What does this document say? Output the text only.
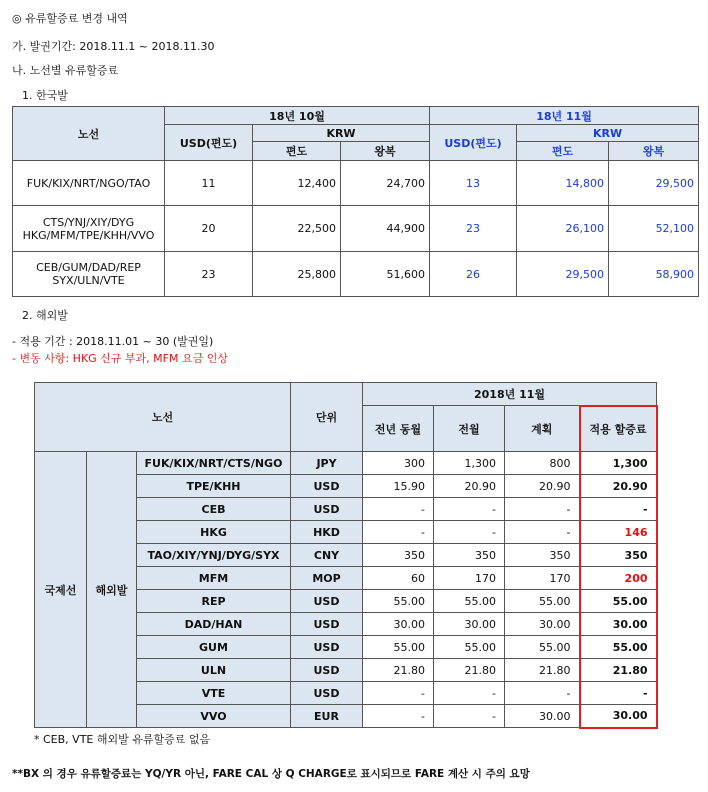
◎ 유류할증료 변경 내역
가. 발권기간: 2018.11.1 ~ 2018.11.30
나. 노선별 유류할증료
1. 한국발
노선	18년 10월			18년 11월		
	USD(편도)	KRW		USD(편도)	KRW	
		편도	왕복		편도	왕복

FUK/KIX/NRT/NGO/TAO	11	12,400	24,700	13	14,800	29,500

CTS/YNJ/XIY/DYG
HKG/MFM/TPE/KHH/VVO	20	22,500	44,900	23	26,100	52,100

CEB/GUM/DAD/REP
SYX/ULN/VTE	23	25,800	51,600	26	29,500	58,900
2. 해외발
- 적용 기간 : 2018.11.01 ~ 30 (발권일)
- 변동 사항: HKG 신규 부과, MFM 요금 인상
노선			단위	2018년 11월			
				전년 동월	전월	계획	적용 할증료
국제선	해외발	FUK/KIX/NRT/CTS/NGO	JPY	300	1,300	800	1,300
		TPE/KHH	USD	15.90	20.90	20.90	20.90
		CEB	USD	-	-	-	-
		HKG	HKD	-	-	-	146
		TAO/XIY/YNJ/DYG/SYX	CNY	350	350	350	350
		MFM	MOP	60	170	170	200
		REP	USD	55.00	55.00	55.00	55.00
		DAD/HAN	USD	30.00	30.00	30.00	30.00
		GUM	USD	55.00	55.00	55.00	55.00
		ULN	USD	21.80	21.80	21.80	21.80
		VTE	USD	-	-	-	-
		VVO	EUR	-	-	30.00	30.00
* CEB, VTE 해외발 유류할증료 없음
**BX 의 경우 유류할증료는 YQ/YR 아닌, FARE CAL 상 Q CHARGE로 표시되므로 FARE 계산 시 주의 요망
